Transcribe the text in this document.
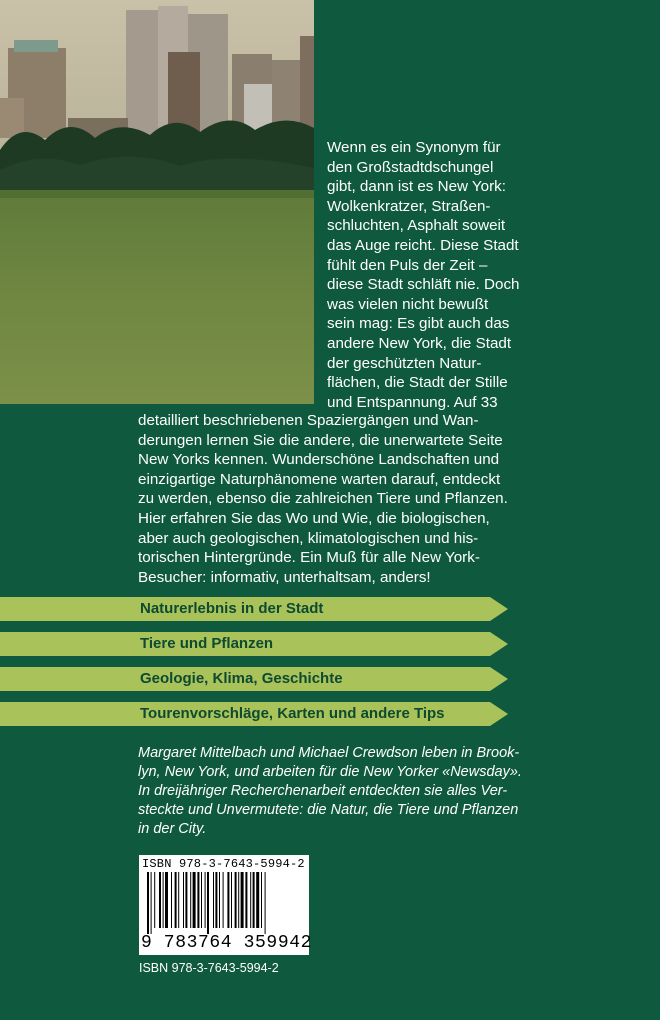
Wenn es ein Synonym für

den Großstadtdschungel

gibt, dann ist es New York:

Wolkenkratzer, Straßen-

schluchten, Asphalt soweit

das Auge reicht. Diese Stadt

fühlt den Puls der Zeit –

diese Stadt schläft nie. Doch

was vielen nicht bewußt

sein mag: Es gibt auch das

andere New York, die Stadt

der geschützten Natur-

flächen, die Stadt der Stille

und Entspannung. Auf 33

detailliert beschriebenen Spaziergängen und Wan-

derungen lernen Sie die andere, die unerwartete Seite

New Yorks kennen. Wunderschöne Landschaften und

einzigartige Naturphänomene warten darauf, entdeckt

zu werden, ebenso die zahlreichen Tiere und Pflanzen.

Hier erfahren Sie das Wo und Wie, die biologischen,

aber auch geologischen, klimatologischen und his-

torischen Hintergründe. Ein Muß für alle New York-

Besucher: informativ, unterhaltsam, anders!

Naturerlebnis in der Stadt
Tiere und Pflanzen
Geologie, Klima, Geschichte
Tourenvorschläge, Karten und andere Tips

Margaret Mittelbach und Michael Crewdson leben in Brook-

lyn, New York, und arbeiten für die New Yorker «Newsday».

In dreijähriger Recherchenarbeit entdeckten sie alles Ver-

steckte und Unvermutete: die Natur, die Tiere und Pflanzen

in der City.

ISBN 978-3-7643-5994-2
9 783764 359942
ISBN 978-3-7643-5994-2
